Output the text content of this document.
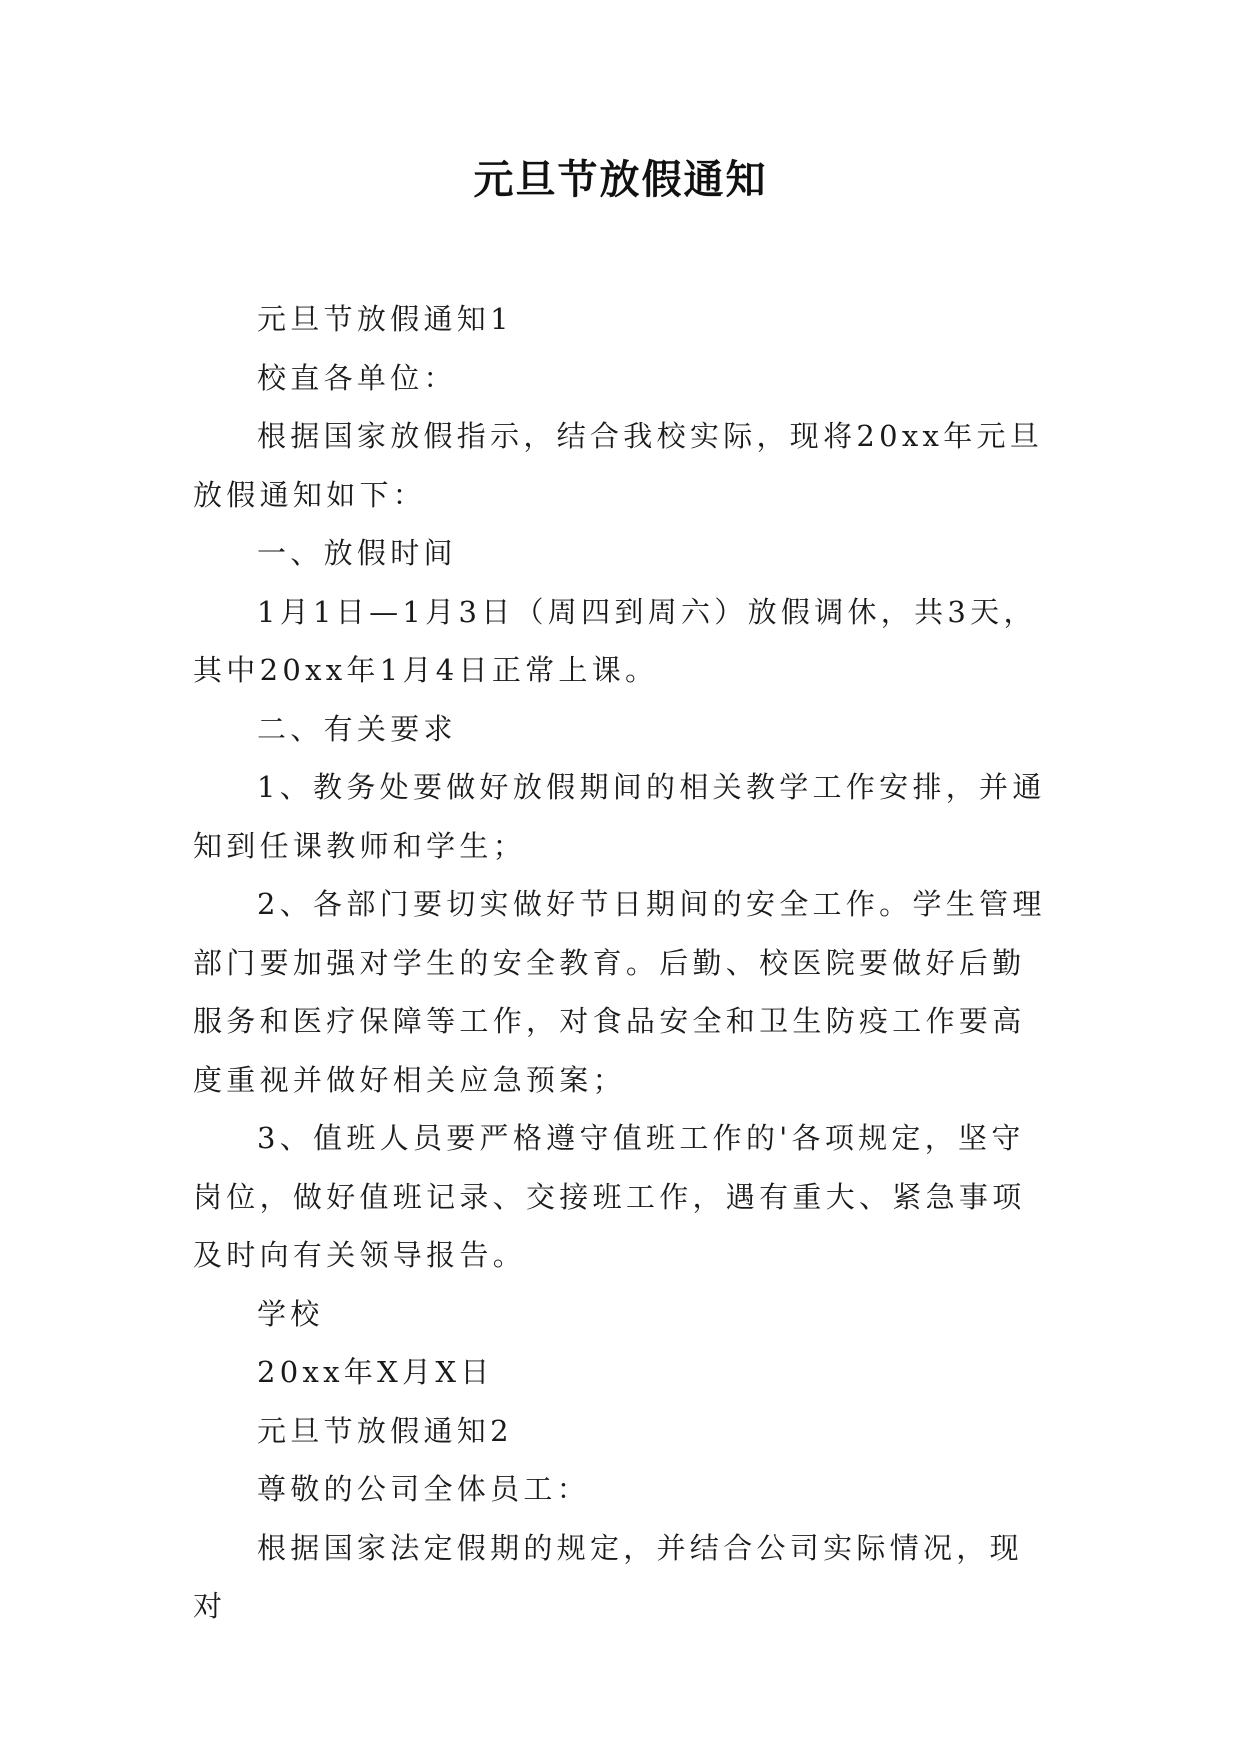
元旦节放假通知

元旦节放假通知1

校直各单位：

根据国家放假指示，结合我校实际，现将20xx年元旦放假通知如下：

一、放假时间

1月1日—1月3日（周四到周六）放假调休，共3天，其中20xx年1月4日正常上课。

二、有关要求

1、教务处要做好放假期间的相关教学工作安排，并通知到任课教师和学生；

2、各部门要切实做好节日期间的安全工作。学生管理部门要加强对学生的安全教育。后勤、校医院要做好后勤服务和医疗保障等工作，对食品安全和卫生防疫工作要高度重视并做好相关应急预案；

3、值班人员要严格遵守值班工作的'各项规定，坚守岗位，做好值班记录、交接班工作，遇有重大、紧急事项及时向有关领导报告。

学校

20xx年X月X日

元旦节放假通知2

尊敬的公司全体员工：

根据国家法定假期的规定，并结合公司实际情况，现对
